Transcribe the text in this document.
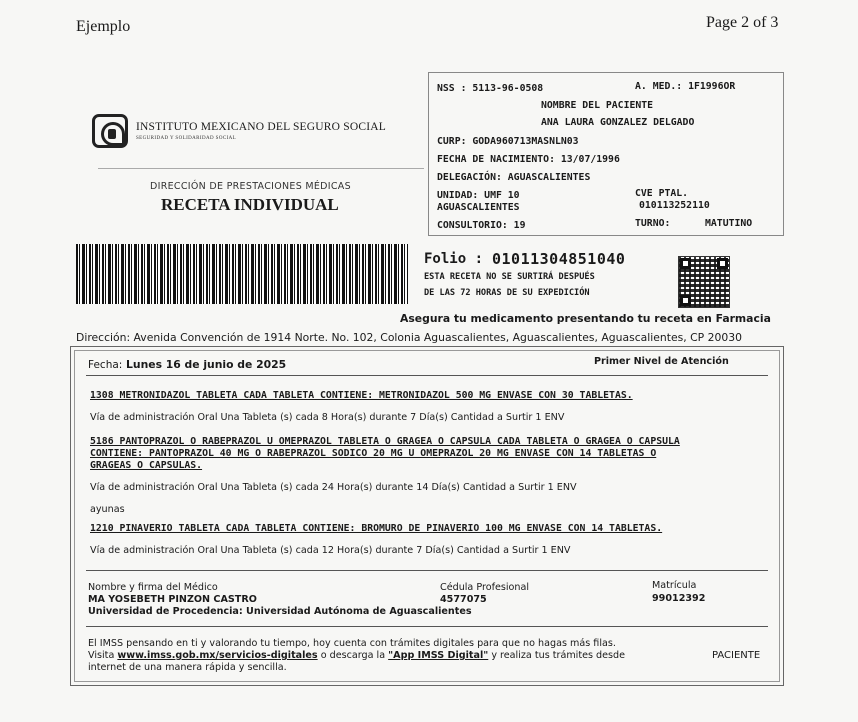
Ejemplo	Page 2 of 3
INSTITUTO MEXICANO DEL SEGURO SOCIAL
SEGURIDAD Y SOLIDARIDAD SOCIAL
DIRECCIÓN DE PRESTACIONES MÉDICAS
RECETA INDIVIDUAL
NSS : 5113-96-0508	A. MED.: 1F1996OR
NOMBRE DEL PACIENTE
ANA LAURA GONZALEZ DELGADO
CURP: GODA960713MASNLN03
FECHA DE NACIMIENTO: 13/07/1996
DELEGACIÓN: AGUASCALIENTES
UNIDAD: UMF 10
AGUASCALIENTES
CVE PTAL.
010113252110
CONSULTORIO: 19	TURNO:	MATUTINO
Folio : 01011304851040
ESTA RECETA NO SE SURTIRÁ DESPUÉS
DE LAS 72 HORAS DE SU EXPEDICIÓN
Asegura tu medicamento presentando tu receta en Farmacia
Dirección: Avenida Convención de 1914 Norte. No. 102, Colonia Aguascalientes, Aguascalientes, Aguascalientes, CP 20030
Fecha: Lunes 16 de junio de 2025	Primer Nivel de Atención
1308 METRONIDAZOL TABLETA CADA TABLETA CONTIENE: METRONIDAZOL 500 MG ENVASE CON 30 TABLETAS.
Vía de administración Oral Una Tableta (s) cada 8 Hora(s) durante 7 Día(s) Cantidad a Surtir 1 ENV
5186 PANTOPRAZOL O RABEPRAZOL U OMEPRAZOL TABLETA O GRAGEA O CAPSULA CADA TABLETA O GRAGEA O CAPSULA
CONTIENE: PANTOPRAZOL 40 MG O RABEPRAZOL SODICO 20 MG U OMEPRAZOL 20 MG ENVASE CON 14 TABLETAS O
GRAGEAS O CAPSULAS.
Vía de administración Oral Una Tableta (s) cada 24 Hora(s) durante 14 Día(s) Cantidad a Surtir 1 ENV
ayunas
1210 PINAVERIO TABLETA CADA TABLETA CONTIENE: BROMURO DE PINAVERIO 100 MG ENVASE CON 14 TABLETAS.
Vía de administración Oral Una Tableta (s) cada 12 Hora(s) durante 7 Día(s) Cantidad a Surtir 1 ENV
Nombre y firma del Médico
MA YOSEBETH PINZON CASTRO
Universidad de Procedencia: Universidad Autónoma de Aguascalientes
Cédula Profesional
4577075
Matrícula
99012392
El IMSS pensando en ti y valorando tu tiempo, hoy cuenta con trámites digitales para que no hagas más filas.
Visita www.imss.gob.mx/servicios-digitales o descarga la "App IMSS Digital" y realiza tus trámites desde
internet de una manera rápida y sencilla.
PACIENTE
